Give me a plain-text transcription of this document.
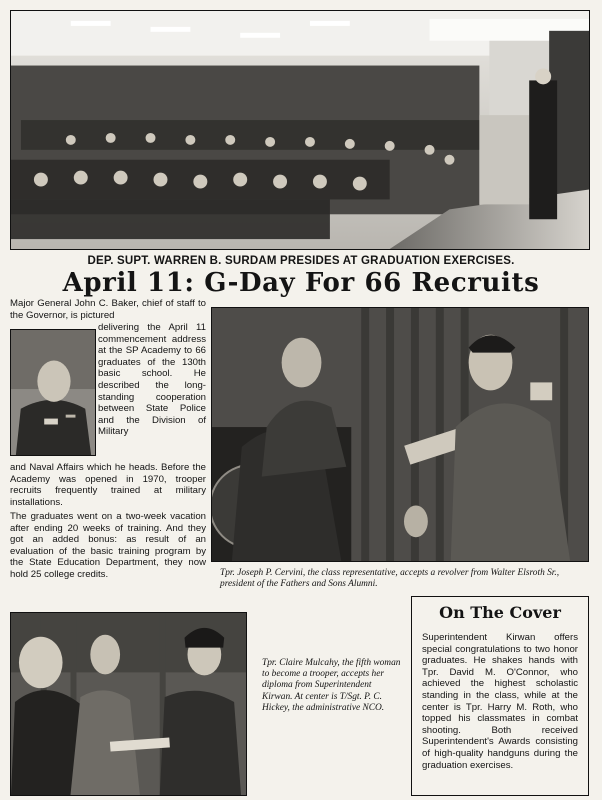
DEP. SUPT. WARREN B. SURDAM PRESIDES AT GRADUATION EXERCISES.
April 11: G-Day For 66 Recruits

Major General John C. Baker, chief of staff to the Governor, is pictured

delivering the April 11 commencement address at the SP Academy to 66 graduates of the 130th basic school. He described the long-standing cooperation between State Police and the Division of Military

and Naval Affairs which he heads. Before the Academy was opened in 1970, trooper recruits frequently trained at military installations.

The graduates went on a two-week vacation after ending 20 weeks of training. And they got an added bonus: as result of an evaluation of the basic training program by the State Education Department, they now hold 25 college credits.	Tpr. Joseph P. Cervini, the class representative, accepts a revolver from Walter Elsroth Sr., president of the Fathers and Sons Alumni.

Tpr. Claire Mulcahy, the fifth woman to become a trooper, accepts her diploma from Superintendent Kirwan. At center is T/Sgt. P. C. Hickey, the administrative NCO.

On The Cover

Superintendent Kirwan offers special congratulations to two honor graduates. He shakes hands with Tpr. David M. O'Connor, who achieved the highest scholastic standing in the class, while at the center is Tpr. Harry M. Roth, who topped his classmates in combat shooting. Both received Superintendent's Awards consisting of high-quality handguns during the graduation exercises.
